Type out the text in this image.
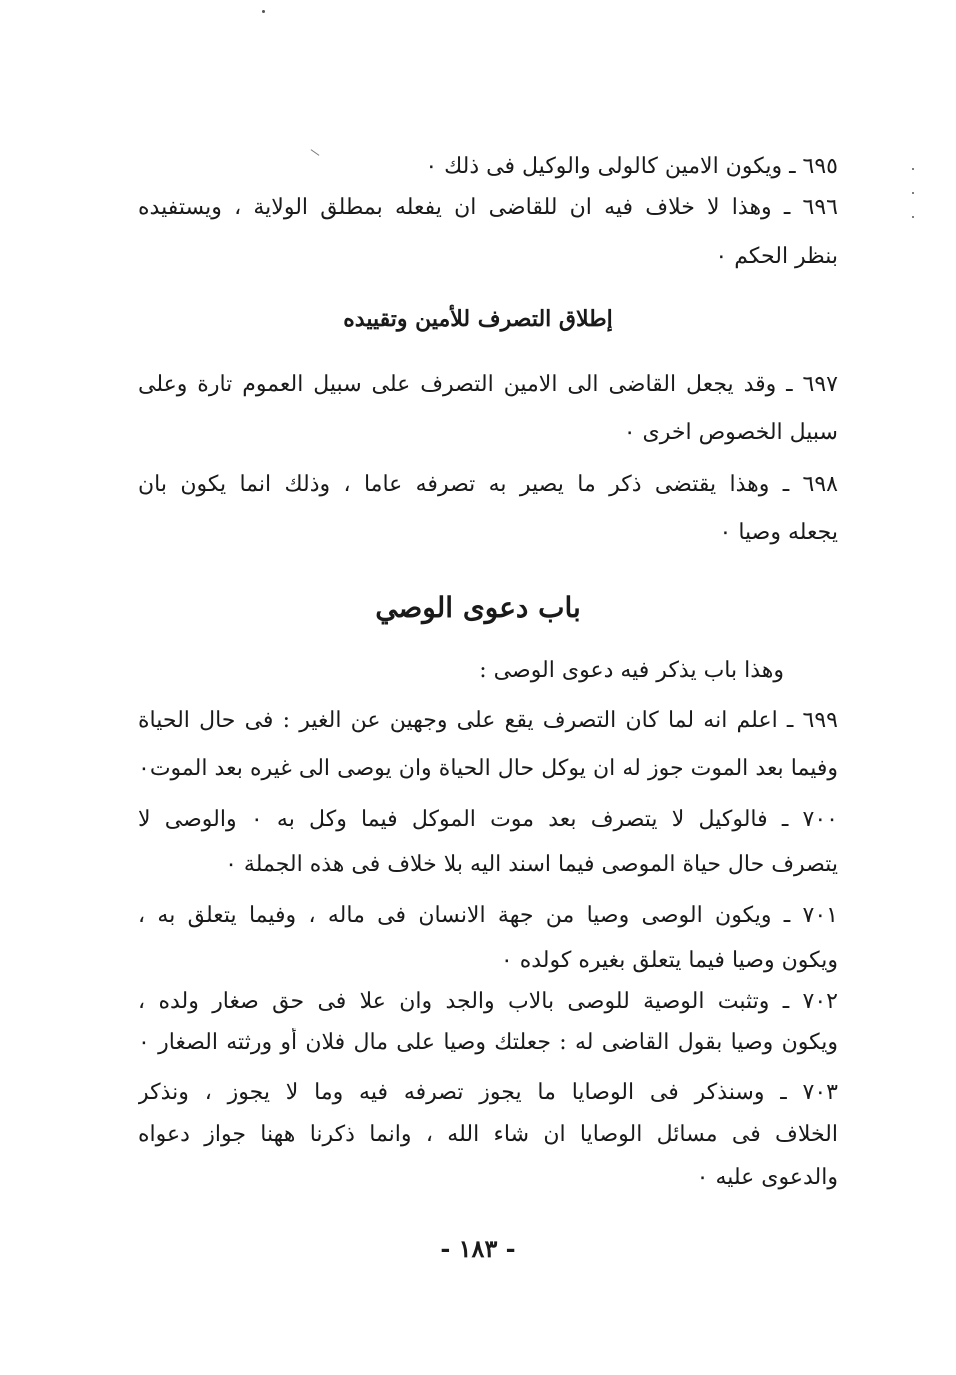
٦٩٥ ـ ويكون الامين كالولى والوكيل فى ذلك ٠
٦٩٦ ـ وهذا لا خلاف فيه ان للقاضى ان يفعله بمطلق الولاية ، ويستفيده
بنظر الحكم ٠
إطلاق التصرف للأمين وتقييده
٦٩٧ ـ وقد يجعل القاضى الى الامين التصرف على سبيل العموم تارة وعلى
سبيل الخصوص اخرى ٠
٦٩٨ ـ وهذا يقتضى ذكر ما يصير به تصرفه عاما ، وذلك انما يكون بان
يجعله وصيا ٠
باب دعوى الوصي
وهذا باب يذكر فيه دعوى الوصى :
٦٩٩ ـ اعلم انه لما كان التصرف يقع على وجهين عن الغير : فى حال الحياة
وفيما بعد الموت جوز له ان يوكل حال الحياة وان يوصى الى غيره بعد الموت٠
٧٠٠ ـ فالوكيل لا يتصرف بعد موت الموكل فيما وكل به ٠ والوصى لا
يتصرف حال حياة الموصى فيما اسند اليه بلا خلاف فى هذه الجملة ٠
٧٠١ ـ ويكون الوصى وصيا من جهة الانسان فى ماله ، وفيما يتعلق به ،
ويكون وصيا فيما يتعلق بغيره كولده ٠
٧٠٢ ـ وتثبت الوصية للوصى بالاب والجد وان علا فى حق صغار ولده ،
ويكون وصيا بقول القاضى له : جعلتك وصيا على مال فلان أو ورثته الصغار ٠
٧٠٣ ـ وسنذكر فى الوصايا ما يجوز تصرفه فيه وما لا يجوز ، ونذكر
الخلاف فى مسائل الوصايا ان شاء الله ، وانما ذكرنا ههنا جواز دعواه
والدعوى عليه ٠
- ١٨٣ -
